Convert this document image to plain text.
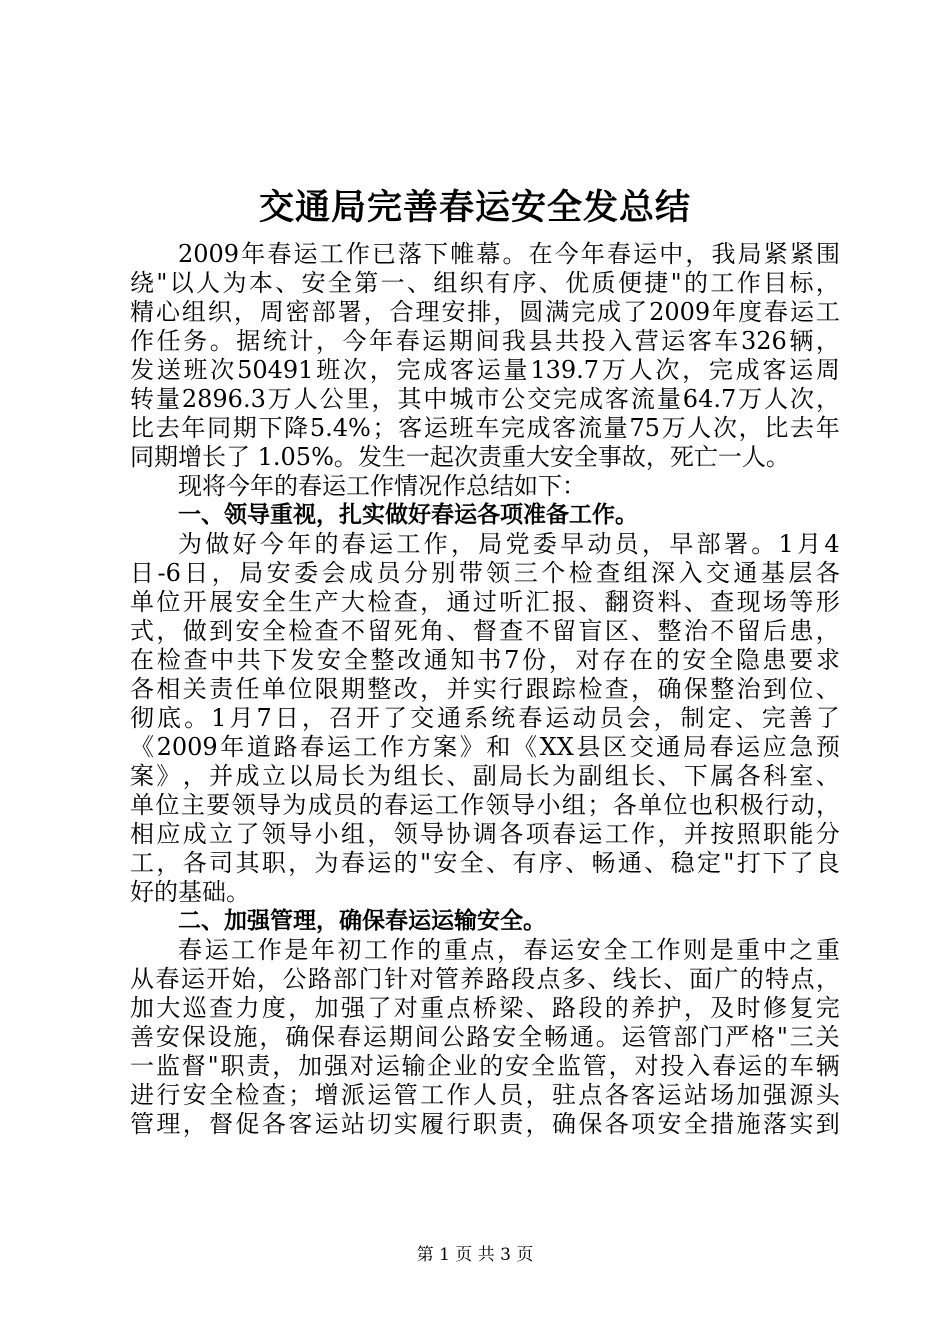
交通局完善春运安全发总结
2009 年 春 运 工 作 已 落 下 帷 幕 。 在 今 年 春 运 中 ， 我 局 紧 紧 围
绕 " 以 人 为 本 、 安 全 第 一 、 组 织 有 序 、 优 质 便 捷 " 的 工 作 目 标 ，
精 心 组 织 ， 周 密 部 署 ， 合 理 安 排 ， 圆 满 完 成 了 2009 年 度 春 运 工
作 任 务 。 据 统 计 ， 今 年 春 运 期 间 我 县 共 投 入 营 运 客 车 326 辆 ，
发 送 班 次 50491 班 次 ， 完 成 客 运 量 139.7 万 人 次 ， 完 成 客 运 周
转 量 2896.3 万 人 公 里 ， 其 中 城 市 公 交 完 成 客 流 量 64.7 万 人 次 ，
比 去 年 同 期 下 降 5.4% ； 客 运 班 车 完 成 客 流 量 75 万 人 次 ， 比 去 年
同期增长了 1.05%。发生一起次责重大安全事故，死亡一人。
现将今年的春运工作情况作总结如下：
一、领导重视，扎实做好春运各项准备工作。
为 做 好 今 年 的 春 运 工 作 ， 局 党 委 早 动 员 ， 早 部 署 。 1 月 4
日 -6 日 ， 局 安 委 会 成 员 分 别 带 领 三 个 检 查 组 深 入 交 通 基 层 各
单 位 开 展 安 全 生 产 大 检 查 ， 通 过 听 汇 报 、 翻 资 料 、 查 现 场 等 形
式 ， 做 到 安 全 检 查 不 留 死 角 、 督 查 不 留 盲 区 、 整 治 不 留 后 患 ，
在 检 查 中 共 下 发 安 全 整 改 通 知 书 7 份 ， 对 存 在 的 安 全 隐 患 要 求
各 相 关 责 任 单 位 限 期 整 改 ， 并 实 行 跟 踪 检 查 ， 确 保 整 治 到 位 、
彻 底 。 1 月 7 日 ， 召 开 了 交 通 系 统 春 运 动 员 会 ， 制 定 、 完 善 了
《 2009 年 道 路 春 运 工 作 方 案 》 和 《 XX 县 区 交 通 局 春 运 应 急 预
案 》 ， 并 成 立 以 局 长 为 组 长 、 副 局 长 为 副 组 长 、 下 属 各 科 室 、
单 位 主 要 领 导 为 成 员 的 春 运 工 作 领 导 小 组 ； 各 单 位 也 积 极 行 动 ，
相 应 成 立 了 领 导 小 组 ， 领 导 协 调 各 项 春 运 工 作 ， 并 按 照 职 能 分
工 ， 各 司 其 职 ， 为 春 运 的 " 安 全 、 有 序 、 畅 通 、 稳 定 " 打 下 了 良
好的基础。
二、加强管理，确保春运运输安全。
春 运 工 作 是 年 初 工 作 的 重 点 ， 春 运 安 全 工 作 则 是 重 中 之 重
从 春 运 开 始 ， 公 路 部 门 针 对 管 养 路 段 点 多 、 线 长 、 面 广 的 特 点 ，
加 大 巡 查 力 度 ， 加 强 了 对 重 点 桥 梁 、 路 段 的 养 护 ， 及 时 修 复 完
善 安 保 设 施 ， 确 保 春 运 期 间 公 路 安 全 畅 通 。 运 管 部 门 严 格 " 三 关
一 监 督 " 职 责 ， 加 强 对 运 输 企 业 的 安 全 监 管 ， 对 投 入 春 运 的 车 辆
进 行 安 全 检 查 ； 增 派 运 管 工 作 人 员 ， 驻 点 各 客 运 站 场 加 强 源 头
管 理 ， 督 促 各 客 运 站 切 实 履 行 职 责 ， 确 保 各 项 安 全 措 施 落 实 到
第 1 页 共 3 页
